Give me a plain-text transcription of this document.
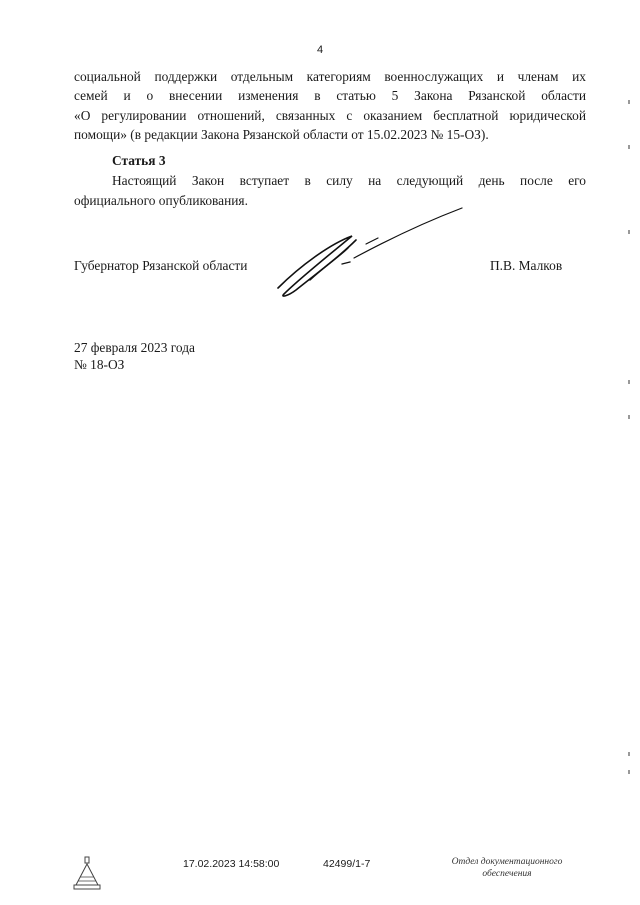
4
социальной поддержки отдельным категориям военнослужащих и членам их
семей и о внесении изменения в статью 5 Закона Рязанской области
«О регулировании отношений, связанных с оказанием бесплатной юридической
помощи» (в редакции Закона Рязанской области от 15.02.2023 № 15-ОЗ).
Статья 3
Настоящий Закон вступает в силу на следующий день после его
официального опубликования.
Губернатор Рязанской области	П.В. Малков
27 февраля 2023 года
№ 18-ОЗ
17.02.2023 14:58:00	42499/1-7	Отдел документационного
обеспечения
